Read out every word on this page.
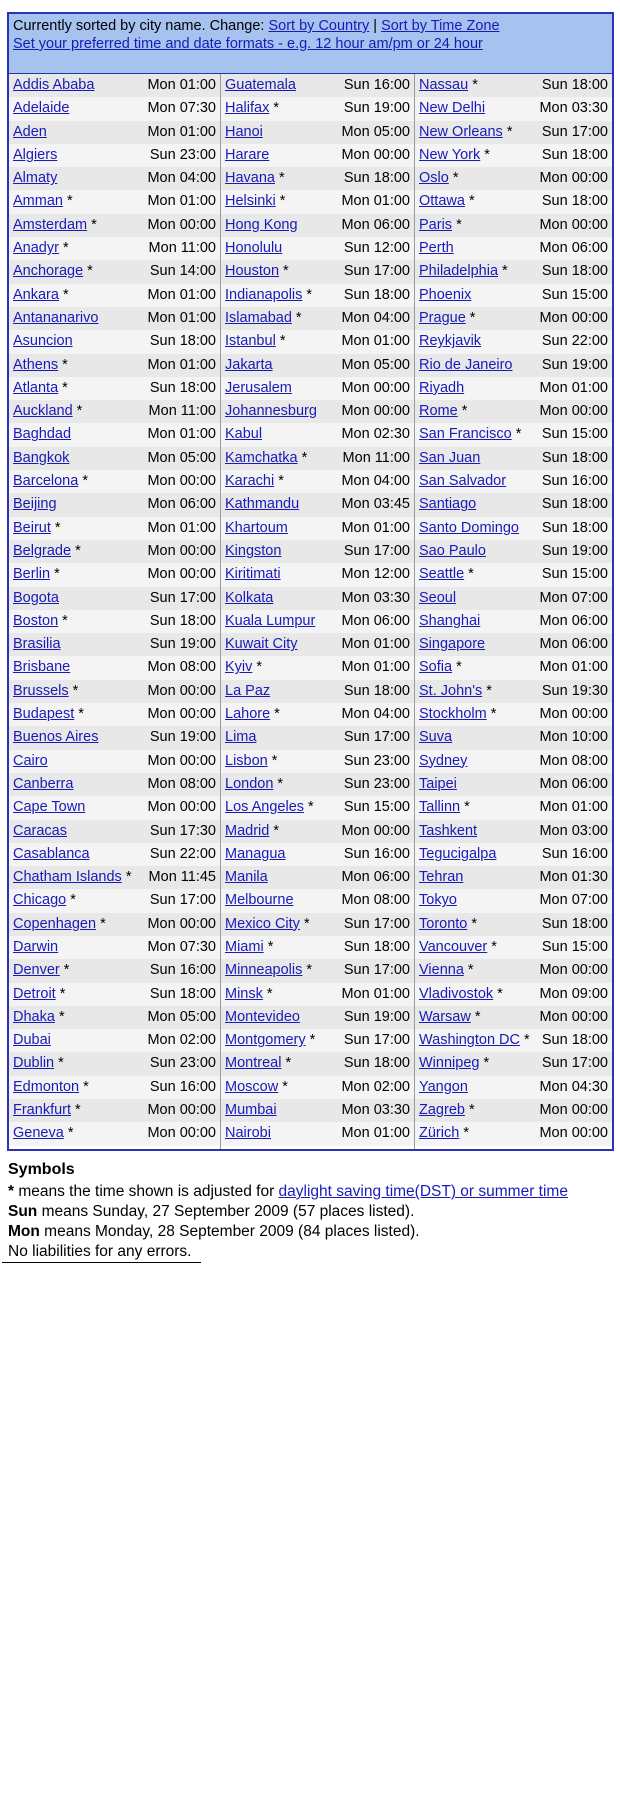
Currently sorted by city name. Change: Sort by Country | Sort by Time Zone
Set your preferred time and date formats - e.g. 12 hour am/pm or 24 hour
Addis Ababa	Mon 01:00
Adelaide	Mon 07:30
Aden	Mon 01:00
Algiers	Sun 23:00
Almaty	Mon 04:00
Amman *	Mon 01:00
Amsterdam *	Mon 00:00
Anadyr *	Mon 11:00
Anchorage *	Sun 14:00
Ankara *	Mon 01:00
Antananarivo	Mon 01:00
Asuncion	Sun 18:00
Athens *	Mon 01:00
Atlanta *	Sun 18:00
Auckland *	Mon 11:00
Baghdad	Mon 01:00
Bangkok	Mon 05:00
Barcelona *	Mon 00:00
Beijing	Mon 06:00
Beirut *	Mon 01:00
Belgrade *	Mon 00:00
Berlin *	Mon 00:00
Bogota	Sun 17:00
Boston *	Sun 18:00
Brasilia	Sun 19:00
Brisbane	Mon 08:00
Brussels *	Mon 00:00
Budapest *	Mon 00:00
Buenos Aires	Sun 19:00
Cairo	Mon 00:00
Canberra	Mon 08:00
Cape Town	Mon 00:00
Caracas	Sun 17:30
Casablanca	Sun 22:00
Chatham Islands * Mon 11:45
Chicago *	Sun 17:00
Copenhagen *	Mon 00:00
Darwin	Mon 07:30
Denver *	Sun 16:00
Detroit *	Sun 18:00
Dhaka *	Mon 05:00
Dubai	Mon 02:00
Dublin *	Sun 23:00
Edmonton *	Sun 16:00
Frankfurt *	Mon 00:00
Geneva *	Mon 00:00
Guatemala	Sun 16:00
Halifax *	Sun 19:00
Hanoi	Mon 05:00
Harare	Mon 00:00
Havana *	Sun 18:00
Helsinki *	Mon 01:00
Hong Kong	Mon 06:00
Honolulu	Sun 12:00
Houston *	Sun 17:00
Indianapolis * Sun 18:00
Islamabad *	Mon 04:00
Istanbul *	Mon 01:00
Jakarta	Mon 05:00
Jerusalem	Mon 00:00
Johannesburg Mon 00:00
Kabul	Mon 02:30
Kamchatka * Mon 11:00
Karachi *	Mon 04:00
Kathmandu	Mon 03:45
Khartoum	Mon 01:00
Kingston	Sun 17:00
Kiritimati	Mon 12:00
Kolkata	Mon 03:30
Kuala Lumpur Mon 06:00
Kuwait City	Mon 01:00
Kyiv *	Mon 01:00
La Paz	Sun 18:00
Lahore *	Mon 04:00
Lima	Sun 17:00
Lisbon *	Sun 23:00
London *	Sun 23:00
Los Angeles * Sun 15:00
Madrid *	Mon 00:00
Managua	Sun 16:00
Manila	Mon 06:00
Melbourne	Mon 08:00
Mexico City * Sun 17:00
Miami *	Sun 18:00
Minneapolis * Sun 17:00
Minsk *	Mon 01:00
Montevideo	Sun 19:00
Montgomery * Sun 17:00
Montreal *	Sun 18:00
Moscow *	Mon 02:00
Mumbai	Mon 03:30
Nairobi	Mon 01:00
Nassau *	Sun 18:00
New Delhi	Mon 03:30
New Orleans * Sun 17:00
New York *	Sun 18:00
Oslo *	Mon 00:00
Ottawa *	Sun 18:00
Paris *	Mon 00:00
Perth	Mon 06:00
Philadelphia * Sun 18:00
Phoenix	Sun 15:00
Prague *	Mon 00:00
Reykjavik	Sun 22:00
Rio de Janeiro Sun 19:00
Riyadh	Mon 01:00
Rome *	Mon 00:00
San Francisco * Sun 15:00
San Juan	Sun 18:00
San Salvador Sun 16:00
Santiago	Sun 18:00
Santo Domingo Sun 18:00
Sao Paulo	Sun 19:00
Seattle *	Sun 15:00
Seoul	Mon 07:00
Shanghai	Mon 06:00
Singapore	Mon 06:00
Sofia *	Mon 01:00
St. John's *	Sun 19:30
Stockholm *	Mon 00:00
Suva	Mon 10:00
Sydney	Mon 08:00
Taipei	Mon 06:00
Tallinn *	Mon 01:00
Tashkent	Mon 03:00
Tegucigalpa	Sun 16:00
Tehran	Mon 01:30
Tokyo	Mon 07:00
Toronto *	Sun 18:00
Vancouver *	Sun 15:00
Vienna *	Mon 00:00
Vladivostok *	Mon 09:00
Warsaw *	Mon 00:00
Washington DC * Sun 18:00
Winnipeg *	Sun 17:00
Yangon	Mon 04:30
Zagreb *	Mon 00:00
Zürich *	Mon 00:00
Symbols
* means the time shown is adjusted for daylight saving time(DST) or summer time
Sun means Sunday, 27 September 2009 (57 places listed).
Mon means Monday, 28 September 2009 (84 places listed).
No liabilities for any errors.
